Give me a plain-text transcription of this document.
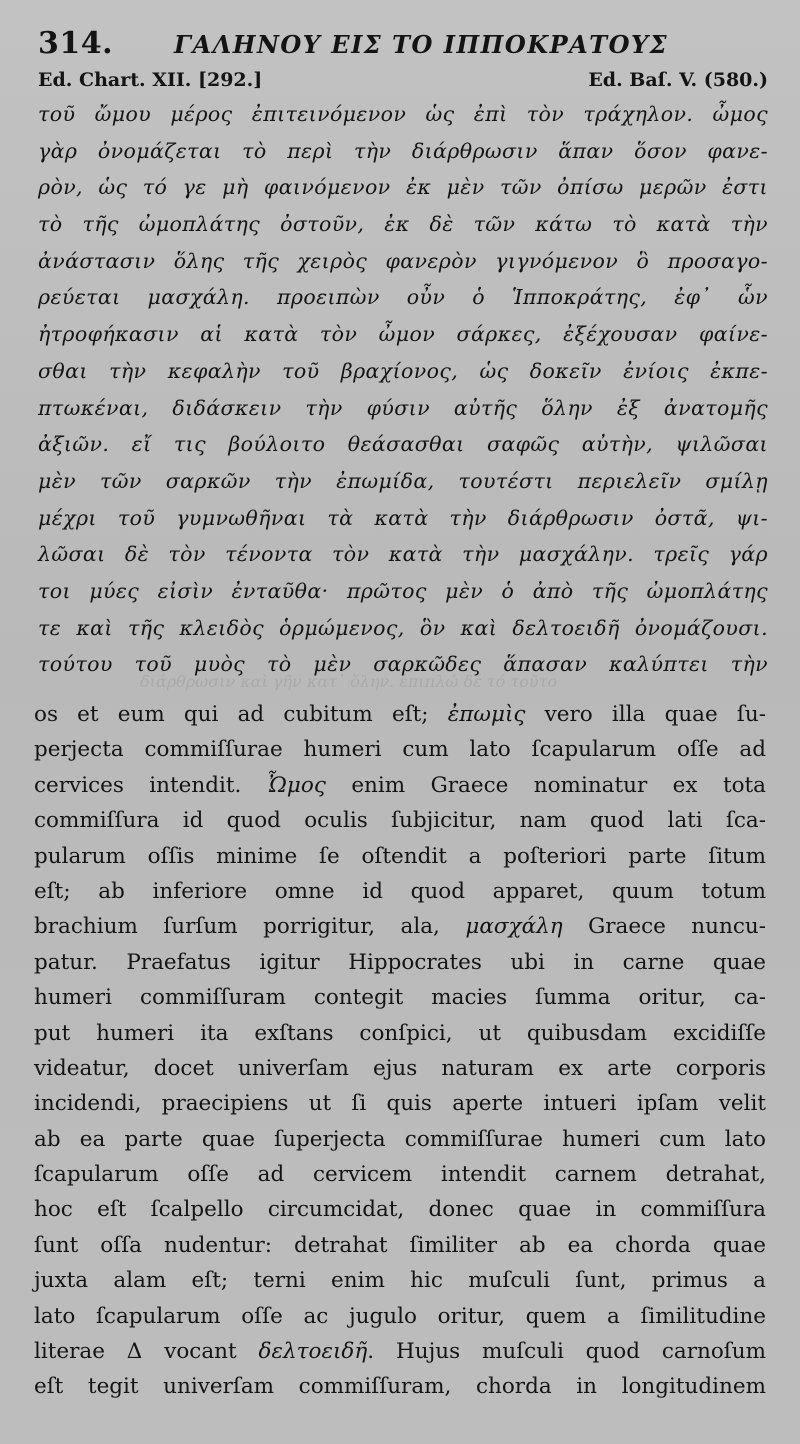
314.	ΓΑΛΗΝΟΥ ΕΙΣ ΤΟ ΙΠΠΟΚΡΑΤΟΥΣ
Ed. Chart. XII. [292.]	Ed. Baſ. V. (580.)
τοῦ ὤμου μέρος ἐπιτεινόμενον ὡς ἐπὶ τὸν τράχηλον. ὦμος
γὰρ ὀνομάζεται τὸ περὶ τὴν διάρθρωσιν ἅπαν ὅσον φανε-
ρὸν, ὡς τό γε μὴ φαινόμενον ἐκ μὲν τῶν ὀπίσω μερῶν ἐστι
τὸ τῆς ὠμοπλάτης ὀστοῦν, ἐκ δὲ τῶν κάτω τὸ κατὰ τὴν
ἀνάστασιν ὅλης τῆς χειρὸς φανερὸν γιγνόμενον ὃ προσαγο-
ρεύεται μασχάλη. προειπὼν οὖν ὁ Ἱπποκράτης, ἐφ᾽ ὧν
ἠτροφήκασιν αἱ κατὰ τὸν ὦμον σάρκες, ἐξέχουσαν φαίνε-
σθαι τὴν κεφαλὴν τοῦ βραχίονος, ὡς δοκεῖν ἐνίοις ἐκπε-
πτωκέναι, διδάσκειν τὴν φύσιν αὐτῆς ὅλην ἐξ ἀνατομῆς
ἀξιῶν. εἴ τις βούλοιτο θεάσασθαι σαφῶς αὐτὴν, ψιλῶσαι
μὲν τῶν σαρκῶν τὴν ἐπωμίδα, τουτέστι περιελεῖν σμίλῃ
μέχρι τοῦ γυμνωθῆναι τὰ κατὰ τὴν διάρθρωσιν ὀστᾶ, ψι-
λῶσαι δὲ τὸν τένοντα τὸν κατὰ τὴν μασχάλην. τρεῖς γάρ
τοι μύες εἰσὶν ἐνταῦθα· πρῶτος μὲν ὁ ἀπὸ τῆς ὠμοπλάτης
τε καὶ τῆς κλειδὸς ὁρμώμενος, ὃν καὶ δελτοειδῆ ὀνομάζουσι.
τούτου τοῦ μυὸς τὸ μὲν σαρκῶδες ἅπασαν καλύπτει τὴν
διάρθρωσιν καὶ γῆν κατ᾽ ὅλην. ἐπιπλώ δέ τό τοῦτο
os et eum qui ad cubitum eſt; ἐπωμὶς vero illa quae ſu-
perjecta commiſſurae humeri cum lato ſcapularum oſſe ad
cervices intendit. Ὦμος enim Graece nominatur ex tota
commiſſura id quod oculis ſubjicitur, nam quod lati ſca-
pularum oſſis minime ſe oſtendit a poſteriori parte ſitum
eſt; ab inferiore omne id quod apparet, quum totum
brachium ſurſum porrigitur, ala, μασχάλη Graece nuncu-
patur. Praefatus igitur Hippocrates ubi in carne quae
humeri commiſſuram contegit macies ſumma oritur, ca-
put humeri ita exſtans conſpici, ut quibusdam excidiſſe
videatur, docet univerſam ejus naturam ex arte corporis
incidendi, praecipiens ut ſi quis aperte intueri ipſam velit
ab ea parte quae ſuperjecta commiſſurae humeri cum lato
ſcapularum oſſe ad cervicem intendit carnem detrahat,
hoc eſt ſcalpello circumcidat, donec quae in commiſſura
ſunt oſſa nudentur: detrahat ſimiliter ab ea chorda quae
juxta alam eſt; terni enim hic muſculi ſunt, primus a
lato ſcapularum oſſe ac jugulo oritur, quem a ſimilitudine
literae Δ vocant δελτοειδῆ. Hujus muſculi quod carnoſum
eſt tegit univerſam commiſſuram, chorda in longitudinem
